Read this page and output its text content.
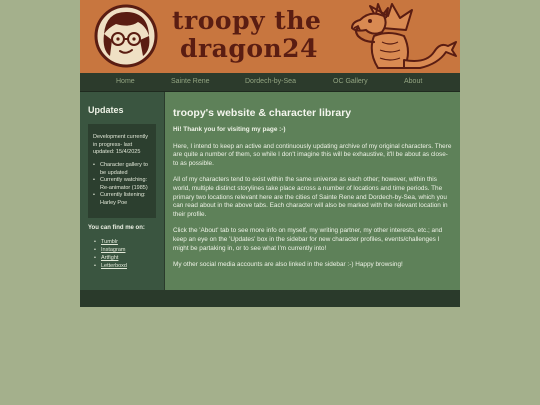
troopy the
dragon24
Home	Sainte Rene	Dordech-by-Sea	OC Gallery	About
Updates

Development currently in progress- last updated: 15/4/2025

• Character gallery to be updated
• Currently watching: Re-animator (1985)
• Currently listening: Harley Poe

You can find me on:

• Tumblr
• Instagram
• Artfight
• Letterboxd
troopy's website & character library

Hi! Thank you for visiting my page :-)

Here, I intend to keep an active and continuously updating archive of my original characters. There are quite a number of them, so while I don't imagine this will be exhaustive, it'll be about as close-to as possible.

All of my characters tend to exist within the same universe as each other; however, within this world, multiple distinct storylines take place across a number of locations and time periods. The primary two locations relevant here are the cities of Sainte Rene and Dordech-by-Sea, which you can read about in the above tabs. Each character will also be marked with the relevant location in their profile.

Click the 'About' tab to see more info on myself, my writing partner, my other interests, etc.; and keep an eye on the 'Updates' box in the sidebar for new character profiles, events/challenges I might be partaking in, or to see what I'm currently into!

My other social media accounts are also linked in the sidebar :-) Happy browsing!
